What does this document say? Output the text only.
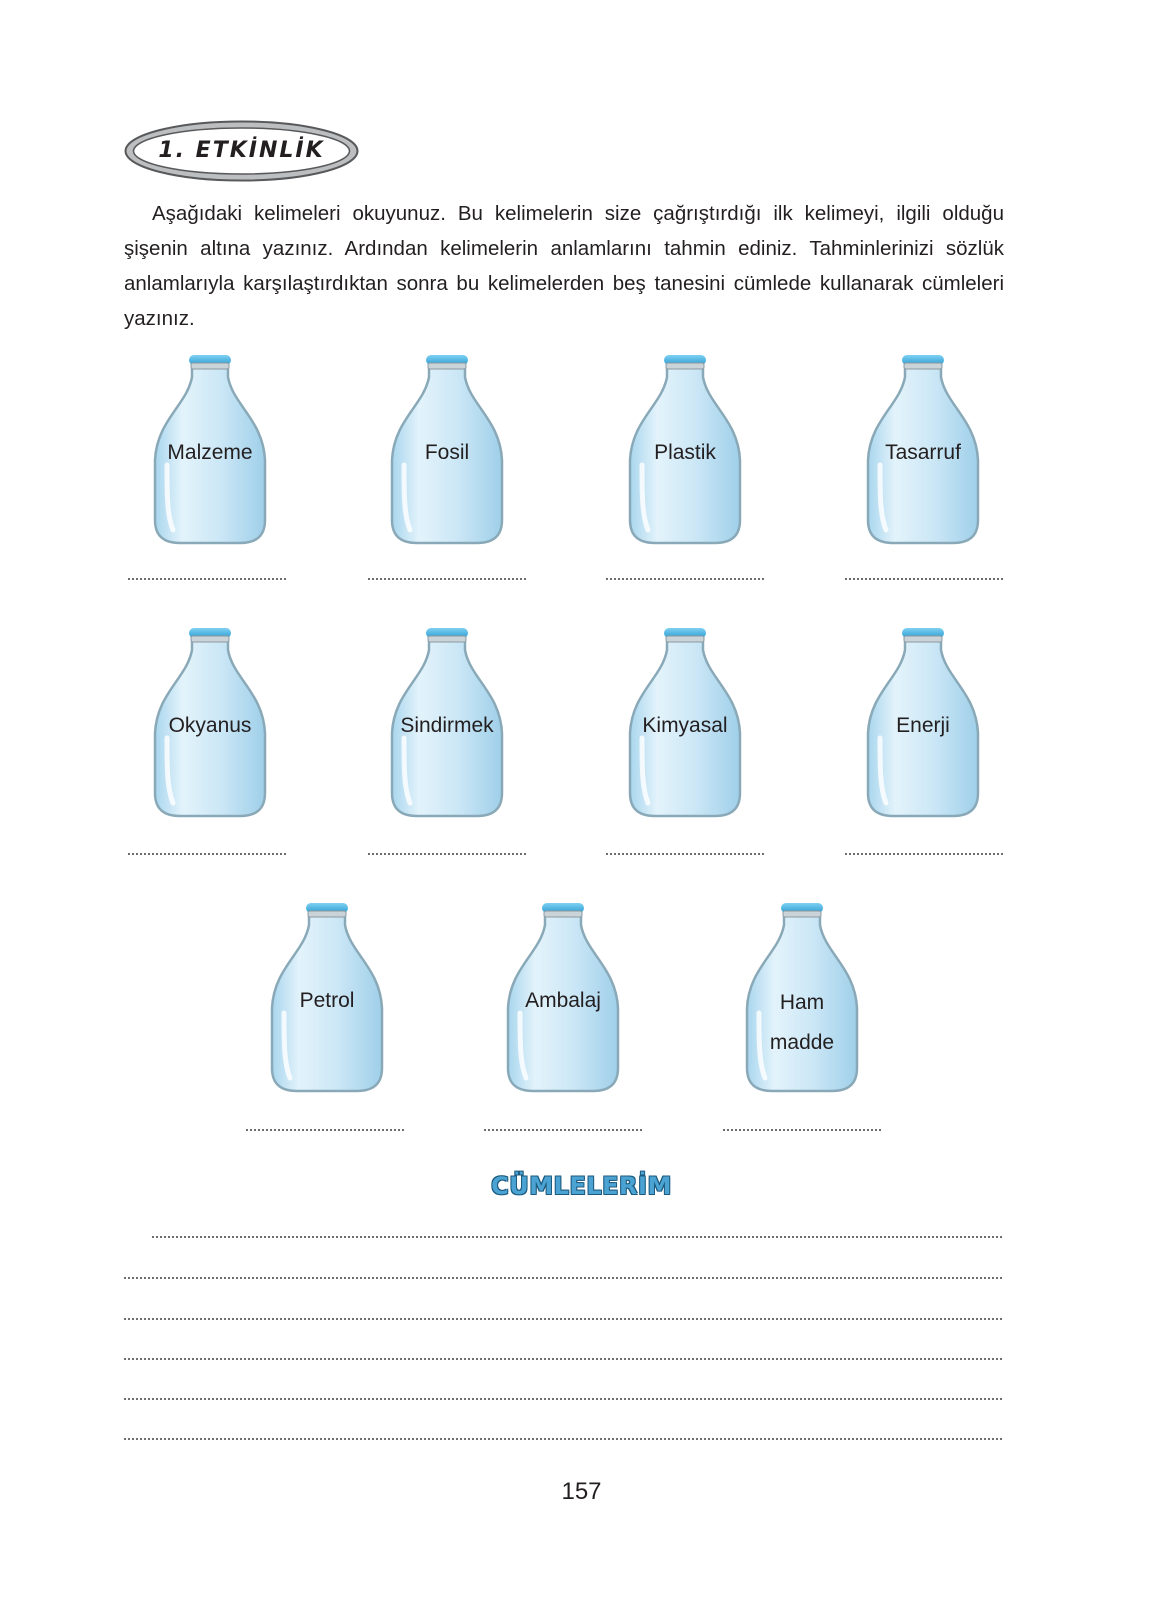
1. ETKİNLİK
Aşağıdaki kelimeleri okuyunuz. Bu kelimelerin size çağrıştırdığı ilk kelimeyi, ilgili olduğu şişenin altına yazınız. Ardından kelimelerin anlamlarını tahmin ediniz. Tahminlerinizi sözlük anlamlarıyla karşılaştırdıktan sonra bu kelimelerden beş tanesini cümlede kullanarak cümleleri yazınız.
Malzeme	Fosil	Plastik	Tasarruf
Okyanus	Sindirmek	Kimyasal	Enerji
Petrol	Ambalaj	Ham
madde
CÜMLELERİM
157
